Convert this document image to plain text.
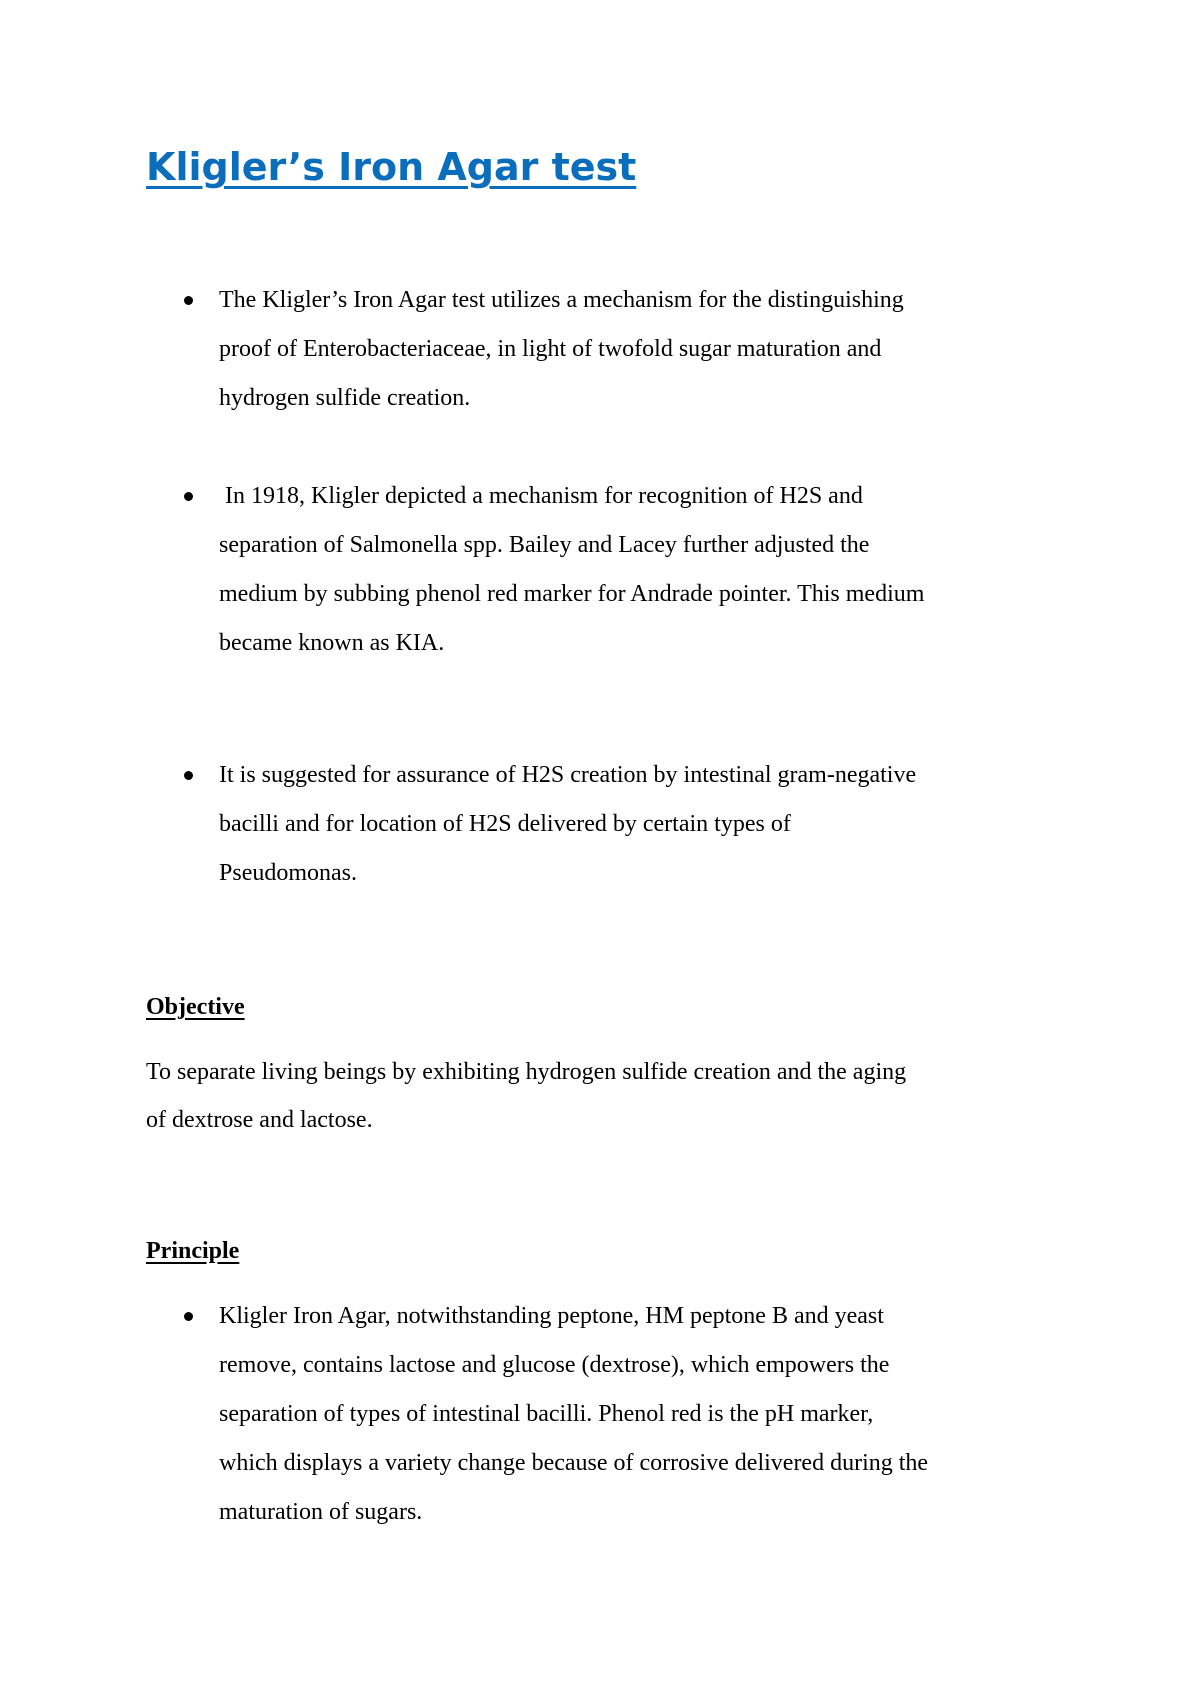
Kligler’s Iron Agar test
The Kligler’s Iron Agar test utilizes a mechanism for the distinguishing
proof of Enterobacteriaceae, in light of twofold sugar maturation and
hydrogen sulfide creation.
In 1918, Kligler depicted a mechanism for recognition of H2S and
separation of Salmonella spp. Bailey and Lacey further adjusted the
medium by subbing phenol red marker for Andrade pointer. This medium
became known as KIA.
It is suggested for assurance of H2S creation by intestinal gram-negative
bacilli and for location of H2S delivered by certain types of
Pseudomonas.
Objective
To separate living beings by exhibiting hydrogen sulfide creation and the aging
of dextrose and lactose.
Principle
Kligler Iron Agar, notwithstanding peptone, HM peptone B and yeast
remove, contains lactose and glucose (dextrose), which empowers the
separation of types of intestinal bacilli. Phenol red is the pH marker,
which displays a variety change because of corrosive delivered during the
maturation of sugars.
